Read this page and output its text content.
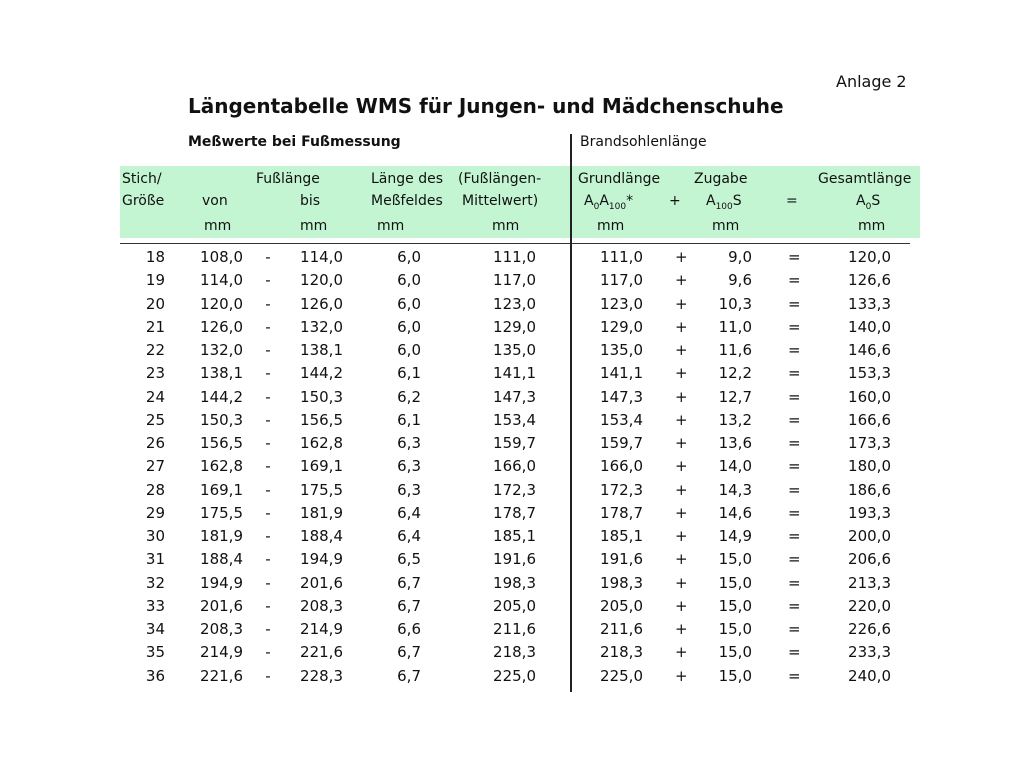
Anlage 2
Längentabelle WMS für Jungen- und Mädchenschuhe
Meßwerte bei Fußmessung	Brandsohlenlänge
Stich/	Fußlänge	Länge des (Fußlängen-	Grundlänge Zugabe	Gesamtlänge
Größe	von	bis	Meßfeldes Mittelwert)	$A_0A_{100}*$	+ $A_{100}S$	=	$A_0S$
mm	mm	mm	mm	mm	mm	mm
18 108,0 - 114,0	6,0	111,0	111,0 +	9,0 =	120,0
19 114,0 - 120,0	6,0	117,0	117,0 +	9,6 =	126,6
20 120,0 - 126,0	6,0	123,0	123,0 + 10,3 =	133,3
21 126,0 - 132,0	6,0	129,0	129,0 + 11,0 =	140,0
22 132,0 - 138,1	6,0	135,0	135,0 + 11,6 =	146,6
23 138,1 - 144,2	6,1	141,1	141,1 + 12,2 =	153,3
24 144,2 - 150,3	6,2	147,3	147,3 + 12,7 =	160,0
25 150,3 - 156,5	6,1	153,4	153,4 + 13,2 =	166,6
26 156,5 - 162,8	6,3	159,7	159,7 + 13,6 =	173,3
27 162,8 - 169,1	6,3	166,0	166,0 + 14,0 =	180,0
28 169,1 - 175,5	6,3	172,3	172,3 + 14,3 =	186,6
29 175,5 - 181,9	6,4	178,7	178,7 + 14,6 =	193,3
30 181,9 - 188,4	6,4	185,1	185,1 + 14,9 =	200,0
31 188,4 - 194,9	6,5	191,6	191,6 + 15,0 =	206,6
32 194,9 - 201,6	6,7	198,3	198,3 + 15,0 =	213,3
33 201,6 - 208,3	6,7	205,0	205,0 + 15,0 =	220,0
34 208,3 - 214,9	6,6	211,6	211,6 + 15,0 =	226,6
35 214,9 - 221,6	6,7	218,3	218,3 + 15,0 =	233,3
36 221,6 - 228,3	6,7	225,0	225,0 + 15,0 =	240,0
